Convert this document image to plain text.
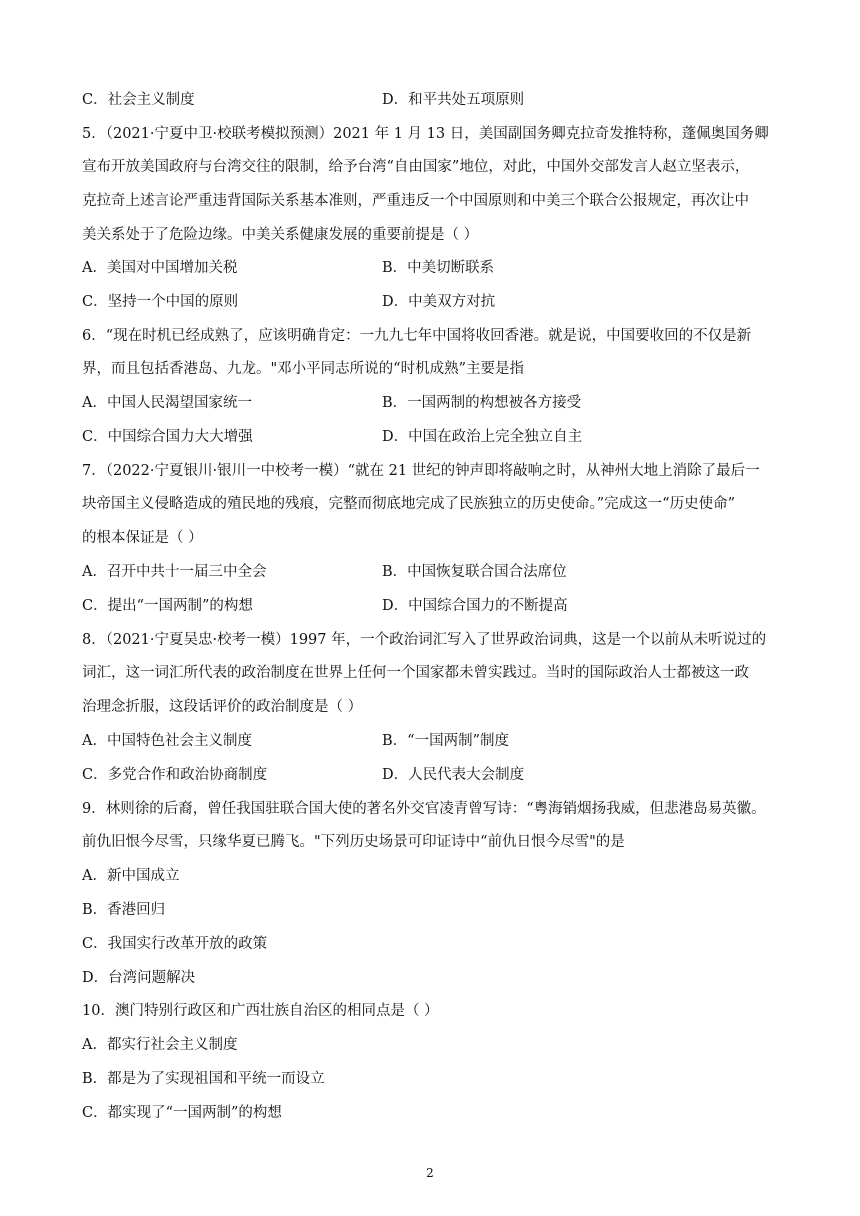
C．社会主义制度	D．和平共处五项原则
5．（2021·宁夏中卫·校联考模拟预测）2021 年 1 月 13 日，美国副国务卿克拉奇发推特称，蓬佩奥国务卿
宣布开放美国政府与台湾交往的限制，给予台湾“自由国家”地位，对此，中国外交部发言人赵立坚表示，
克拉奇上述言论严重违背国际关系基本准则，严重违反一个中国原则和中美三个联合公报规定，再次让中
美关系处于了危险边缘。中美关系健康发展的重要前提是（ ）
A．美国对中国增加关税	B．中美切断联系
C．坚持一个中国的原则	D．中美双方对抗
6．“现在时机已经成熟了，应该明确肯定：一九九七年中国将收回香港。就是说，中国要收回的不仅是新
界，而且包括香港岛、九龙。"邓小平同志所说的“时机成熟”主要是指
A．中国人民渴望国家统一	B．一国两制的构想被各方接受
C．中国综合国力大大增强	D．中国在政治上完全独立自主
7．（2022·宁夏银川·银川一中校考一模）“就在 21 世纪的钟声即将敲响之时，从神州大地上消除了最后一
块帝国主义侵略造成的殖民地的残痕，完整而彻底地完成了民族独立的历史使命。”完成这一“历史使命”
的根本保证是（ ）
A．召开中共十一届三中全会	B．中国恢复联合国合法席位
C．提出“一国两制”的构想	D．中国综合国力的不断提高
8．（2021·宁夏吴忠·校考一模）1997 年，一个政治词汇写入了世界政治词典，这是一个以前从未听说过的
词汇，这一词汇所代表的政治制度在世界上任何一个国家都未曾实践过。当时的国际政治人士都被这一政
治理念折服，这段话评价的政治制度是（ ）
A．中国特色社会主义制度	B．“一国两制”制度
C．多党合作和政治协商制度	D．人民代表大会制度
9．林则徐的后裔，曾任我国驻联合国大使的著名外交官凌青曾写诗：“粤海销烟扬我威，但悲港岛易英徽。
前仇旧恨今尽雪，只缘华夏已腾飞。"下列历史场景可印证诗中“前仇日恨今尽雪"的是
A．新中国成立
B．香港回归
C．我国实行改革开放的政策
D．台湾问题解决
10．澳门特别行政区和广西壮族自治区的相同点是（ ）
A．都实行社会主义制度
B．都是为了实现祖国和平统一而设立
C．都实现了“一国两制”的构想
2
